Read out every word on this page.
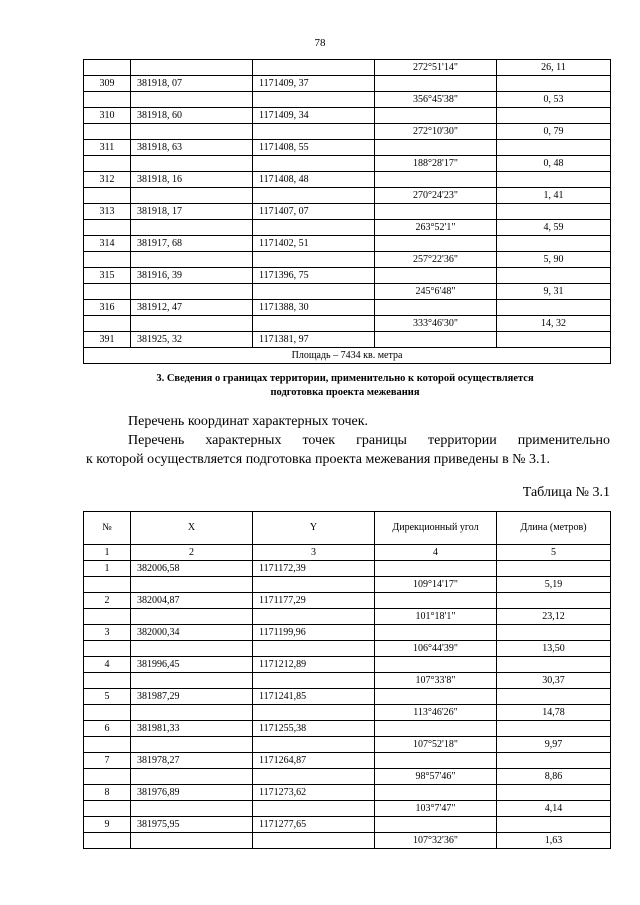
78
			272°51'14"	26, 11
309	381918, 07	1171409, 37		
			356°45'38"	0, 53
310	381918, 60	1171409, 34		
			272°10'30"	0, 79
311	381918, 63	1171408, 55		
			188°28'17"	0, 48
312	381918, 16	1171408, 48		
			270°24'23"	1, 41
313	381918, 17	1171407, 07		
			263°52'1"	4, 59
314	381917, 68	1171402, 51		
			257°22'36"	5, 90
315	381916, 39	1171396, 75		
			245°6'48"	9, 31
316	381912, 47	1171388, 30		
			333°46'30"	14, 32
391	381925, 32	1171381, 97		
Площадь – 7434 кв. метра				
3. Сведения о границах территории, применительно к которой осуществляется
подготовка проекта межевания
Перечень координат характерных точек.
Перечень характерных точек границы территории применительно
к которой осуществляется подготовка проекта межевания приведены в № 3.1.
Таблица № 3.1
№	X	Y	Дирекционный угол	Длина (метров)
1	2	3	4	5
1	382006,58	1171172,39		
			109°14'17"	5,19
2	382004,87	1171177,29		
			101°18'1"	23,12
3	382000,34	1171199,96		
			106°44'39"	13,50
4	381996,45	1171212,89		
			107°33'8"	30,37
5	381987,29	1171241,85		
			113°46'26"	14,78
6	381981,33	1171255,38		
			107°52'18"	9,97
7	381978,27	1171264,87		
			98°57'46"	8,86
8	381976,89	1171273,62		
			103°7'47"	4,14
9	381975,95	1171277,65		
			107°32'36"	1,63
